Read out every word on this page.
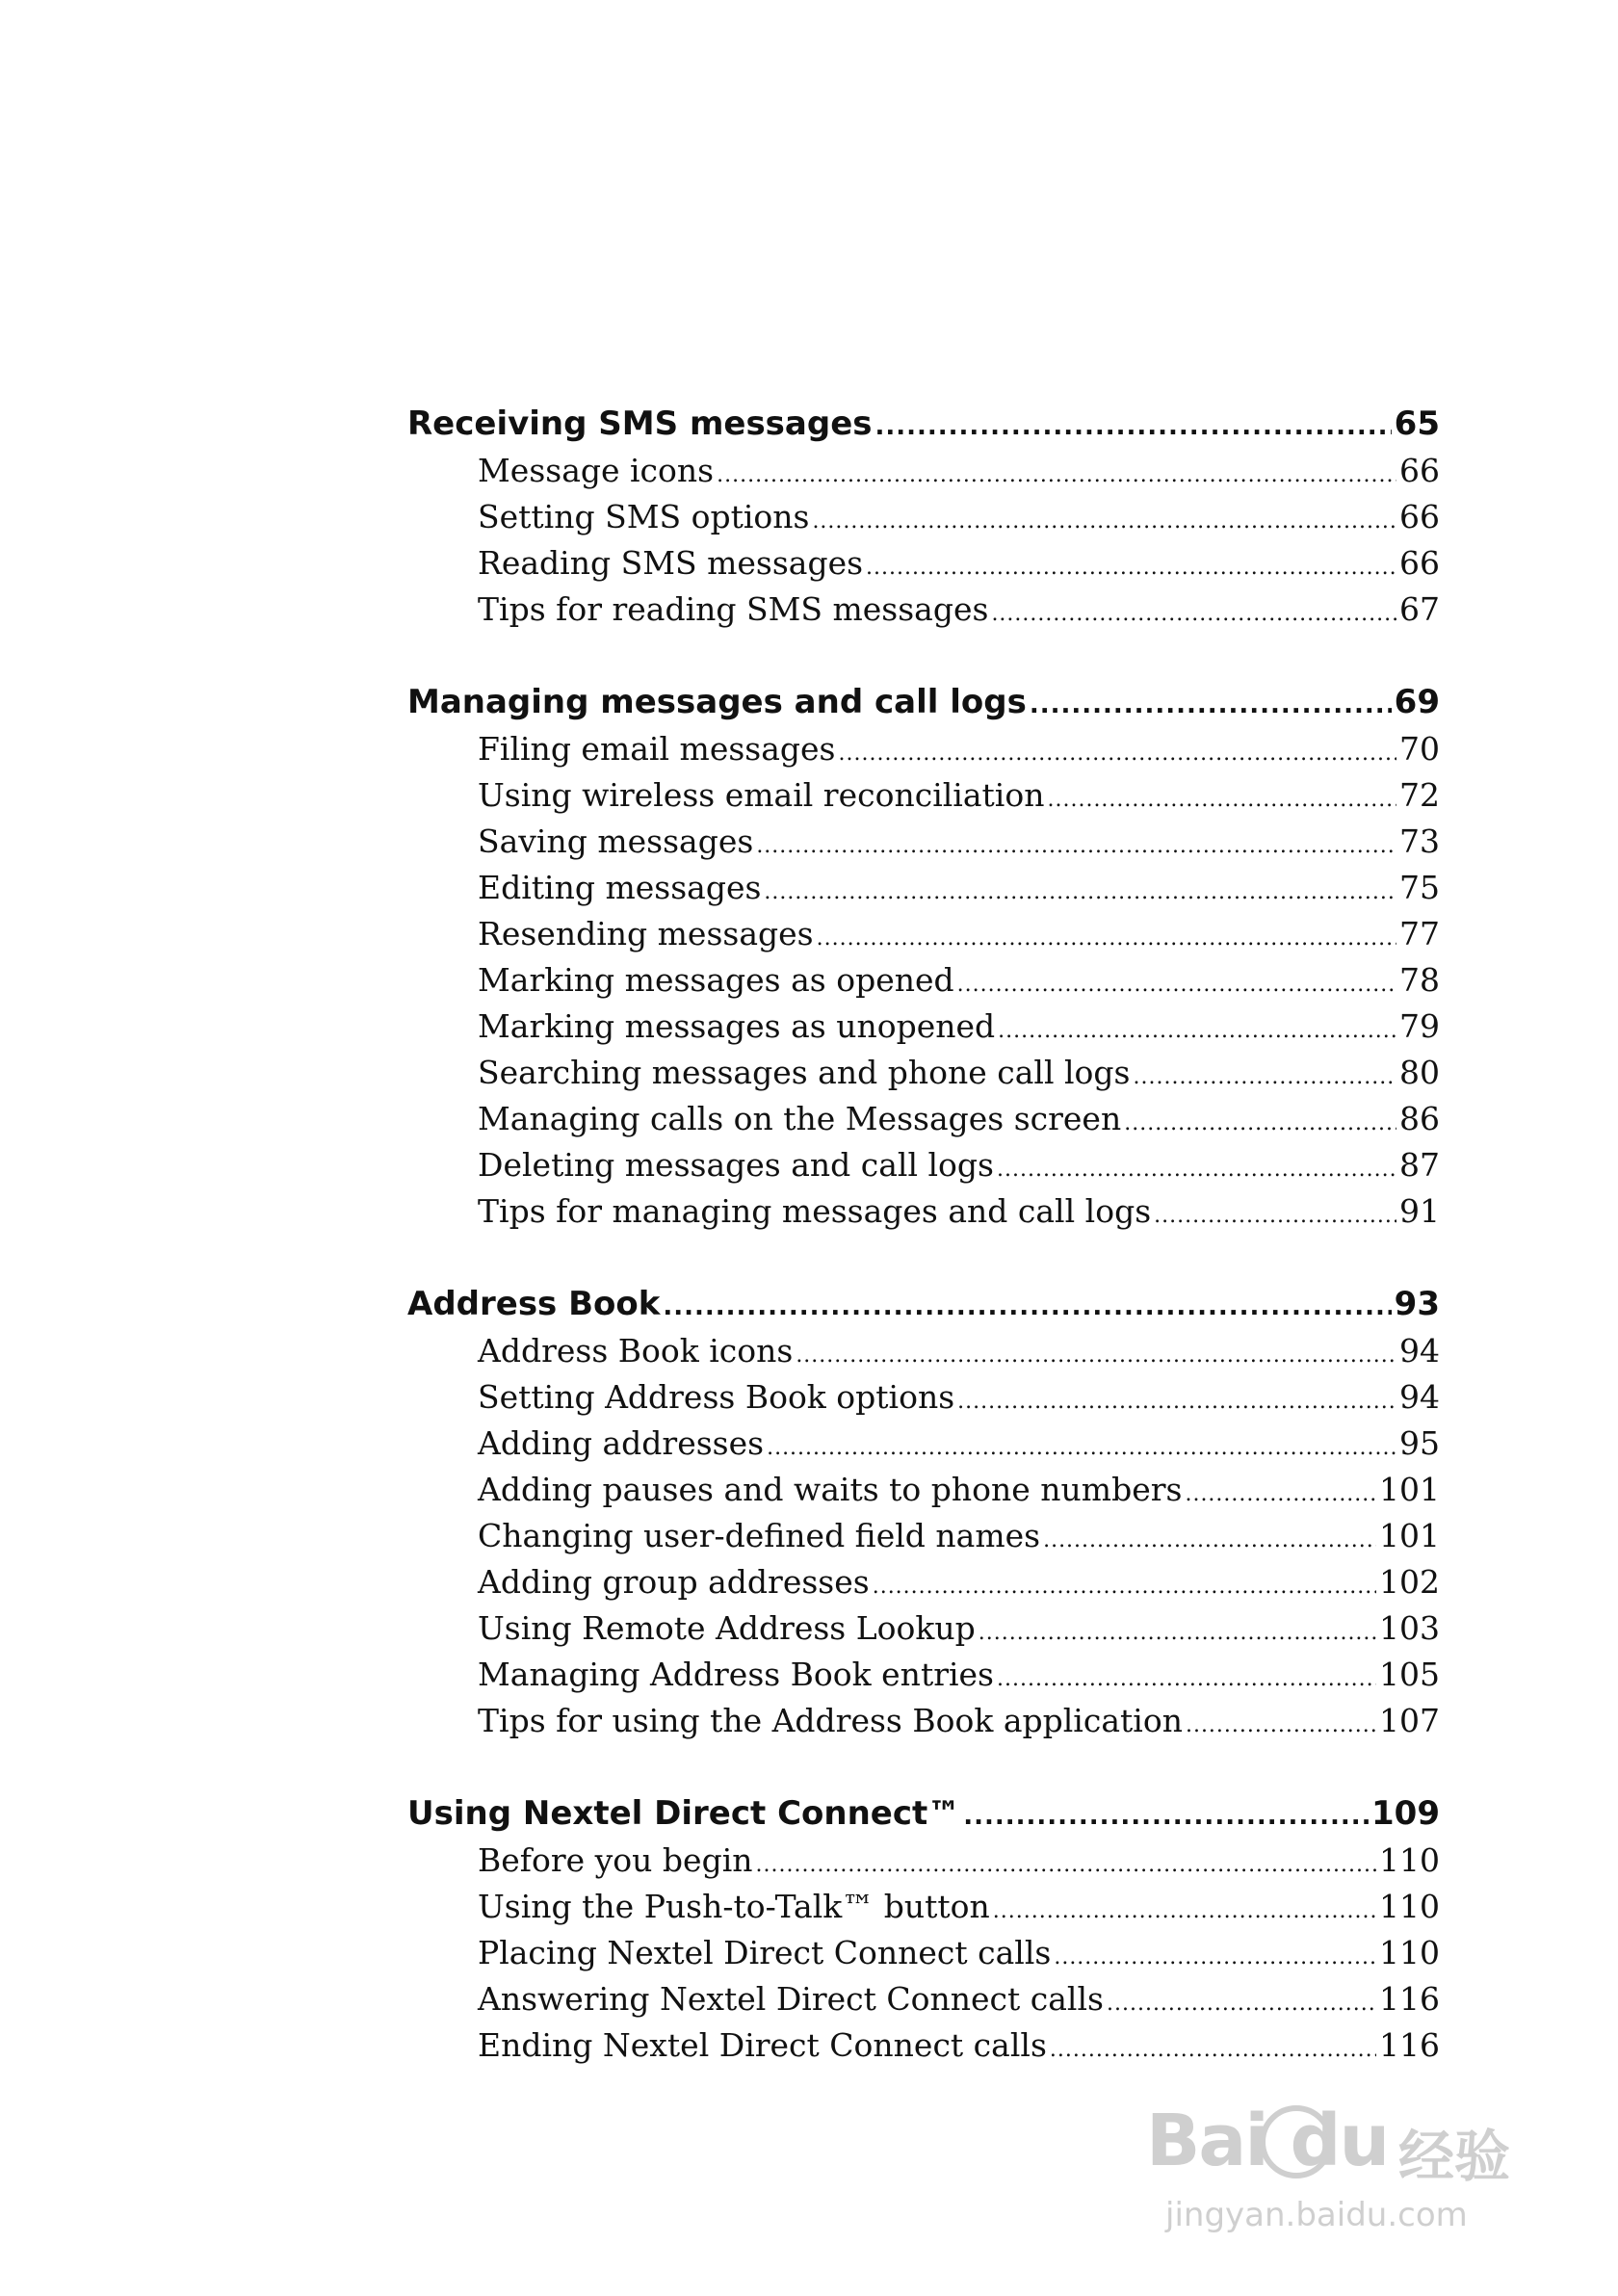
Receiving SMS messages .....	65
Message icons .....	66
Setting SMS options .....	66
Reading SMS messages .....	66
Tips for reading SMS messages .....	67
Managing messages and call logs .....	69
Filing email messages .....	70
Using wireless email reconciliation .....	72
Saving messages .....	73
Editing messages .....	75
Resending messages .....	77
Marking messages as opened .....	78
Marking messages as unopened .....	79
Searching messages and phone call logs .....	80
Managing calls on the Messages screen .....	86
Deleting messages and call logs .....	87
Tips for managing messages and call logs .....	91
Address Book .....	93
Address Book icons .....	94
Setting Address Book options .....	94
Adding addresses .....	95
Adding pauses and waits to phone numbers .....	101
Changing user-defined field names .....	101
Adding group addresses .....	102
Using Remote Address Lookup .....	103
Managing Address Book entries .....	105
Tips for using the Address Book application .....	107
Using Nextel Direct Connect™ .....	109
Before you begin .....	110
Using the Push-to-Talk™ button .....	110
Placing Nextel Direct Connect calls .....	110
Answering Nextel Direct Connect calls .....	116
Ending Nextel Direct Connect calls .....	116
Bai du 经验
jingyan.baidu.com
